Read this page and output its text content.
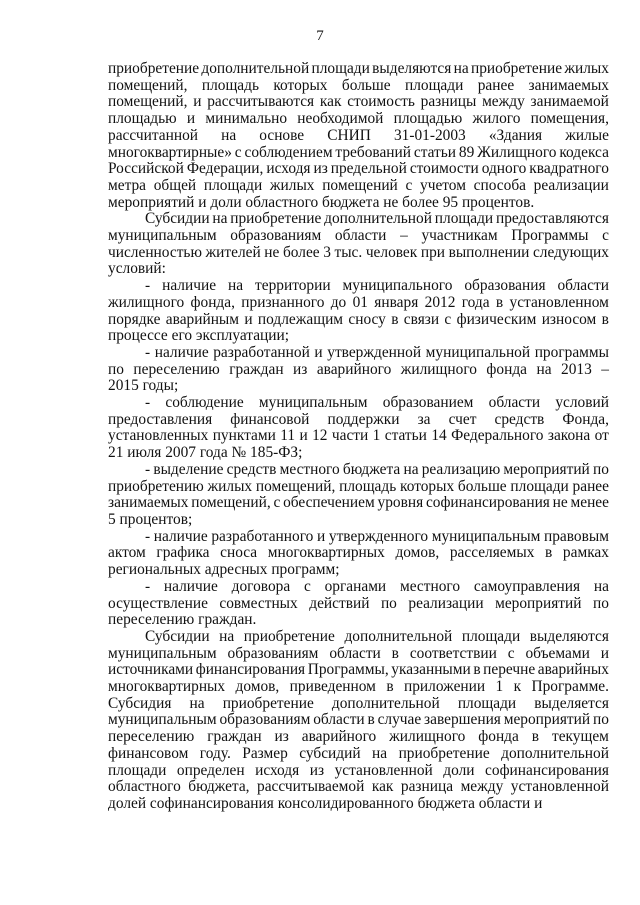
7
приобретение дополнительной площади выделяются на приобретение жилых
помещений, площадь которых больше площади ранее занимаемых
помещений, и рассчитываются как стоимость разницы между занимаемой
площадью и минимально необходимой площадью жилого помещения,
рассчитанной на основе СНИП 31-01-2003 «Здания жилые
многоквартирные» с соблюдением требований статьи 89 Жилищного кодекса
Российской Федерации, исходя из предельной стоимости одного квадратного
метра общей площади жилых помещений с учетом способа реализации
мероприятий и доли областного бюджета не более 95 процентов.
Субсидии на приобретение дополнительной площади предоставляются
муниципальным образованиям области – участникам Программы с
численностью жителей не более 3 тыс. человек при выполнении следующих
условий:
- наличие на территории муниципального образования области
жилищного фонда, признанного до 01 января 2012 года в установленном
порядке аварийным и подлежащим сносу в связи с физическим износом в
процессе его эксплуатации;
- наличие разработанной и утвержденной муниципальной программы
по переселению граждан из аварийного жилищного фонда на 2013 –
2015 годы;
- соблюдение муниципальным образованием области условий
предоставления финансовой поддержки за счет средств Фонда,
установленных пунктами 11 и 12 части 1 статьи 14 Федерального закона от
21 июля 2007 года № 185-ФЗ;
- выделение средств местного бюджета на реализацию мероприятий по
приобретению жилых помещений, площадь которых больше площади ранее
занимаемых помещений, с обеспечением уровня софинансирования не менее
5 процентов;
- наличие разработанного и утвержденного муниципальным правовым
актом графика сноса многоквартирных домов, расселяемых в рамках
региональных адресных программ;
- наличие договора с органами местного самоуправления на
осуществление совместных действий по реализации мероприятий по
переселению граждан.
Субсидии на приобретение дополнительной площади выделяются
муниципальным образованиям области в соответствии с объемами и
источниками финансирования Программы, указанными в перечне аварийных
многоквартирных домов, приведенном в приложении 1 к Программе.
Субсидия на приобретение дополнительной площади выделяется
муниципальным образованиям области в случае завершения мероприятий по
переселению граждан из аварийного жилищного фонда в текущем
финансовом году. Размер субсидий на приобретение дополнительной
площади определен исходя из установленной доли софинансирования
областного бюджета, рассчитываемой как разница между установленной
долей софинансирования консолидированного бюджета области и
